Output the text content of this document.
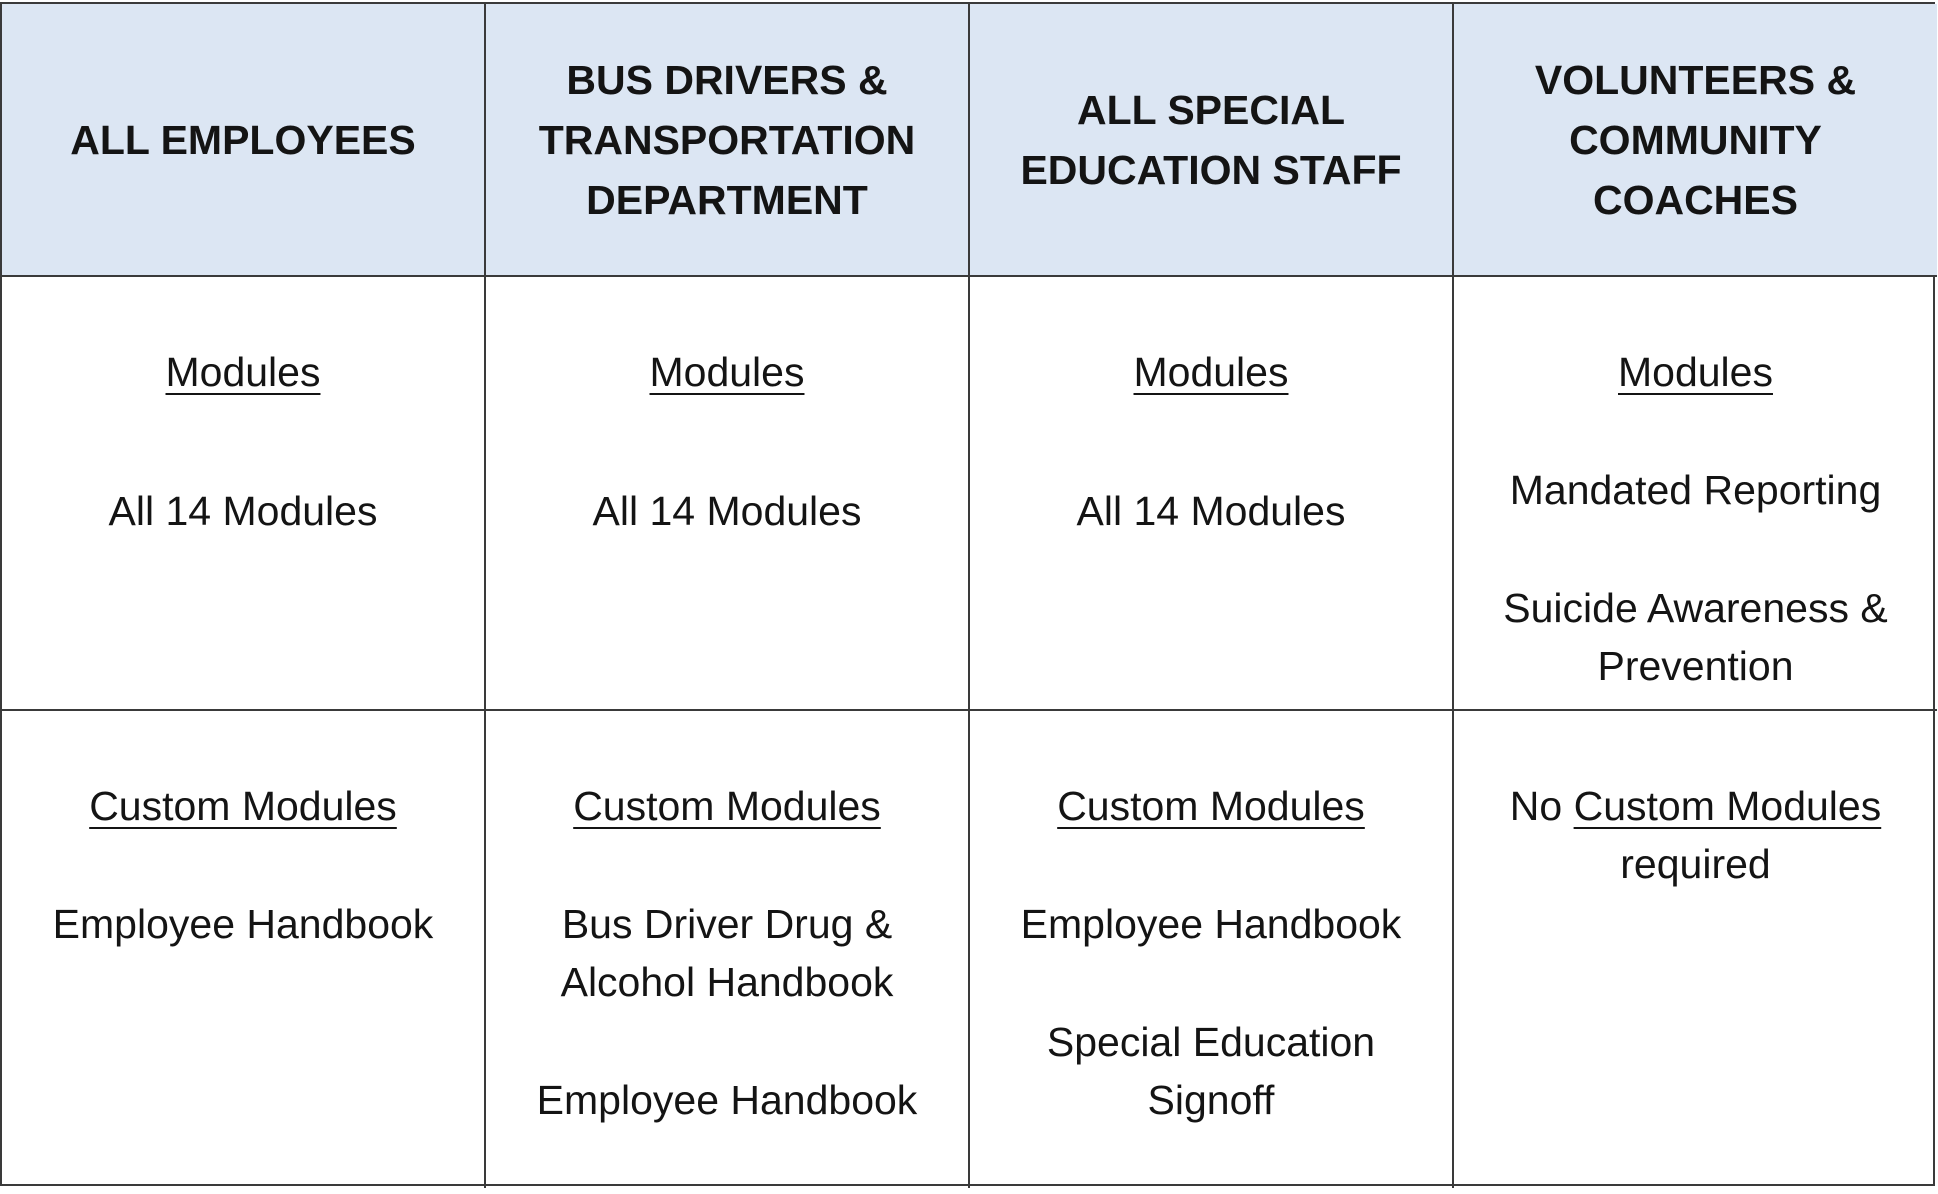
ALL EMPLOYEES
BUS DRIVERS &
TRANSPORTATION
DEPARTMENT
ALL SPECIAL
EDUCATION STAFF
VOLUNTEERS &
COMMUNITY
COACHES
Modules
All 14 Modules
Modules
All 14 Modules
Modules
All 14 Modules
Modules
Mandated Reporting
Suicide Awareness &
Prevention
Custom Modules
Employee Handbook
Custom Modules
Bus Driver Drug &
Alcohol Handbook
Employee Handbook
Custom Modules
Employee Handbook
Special Education
Signoff
No Custom Modules
required
